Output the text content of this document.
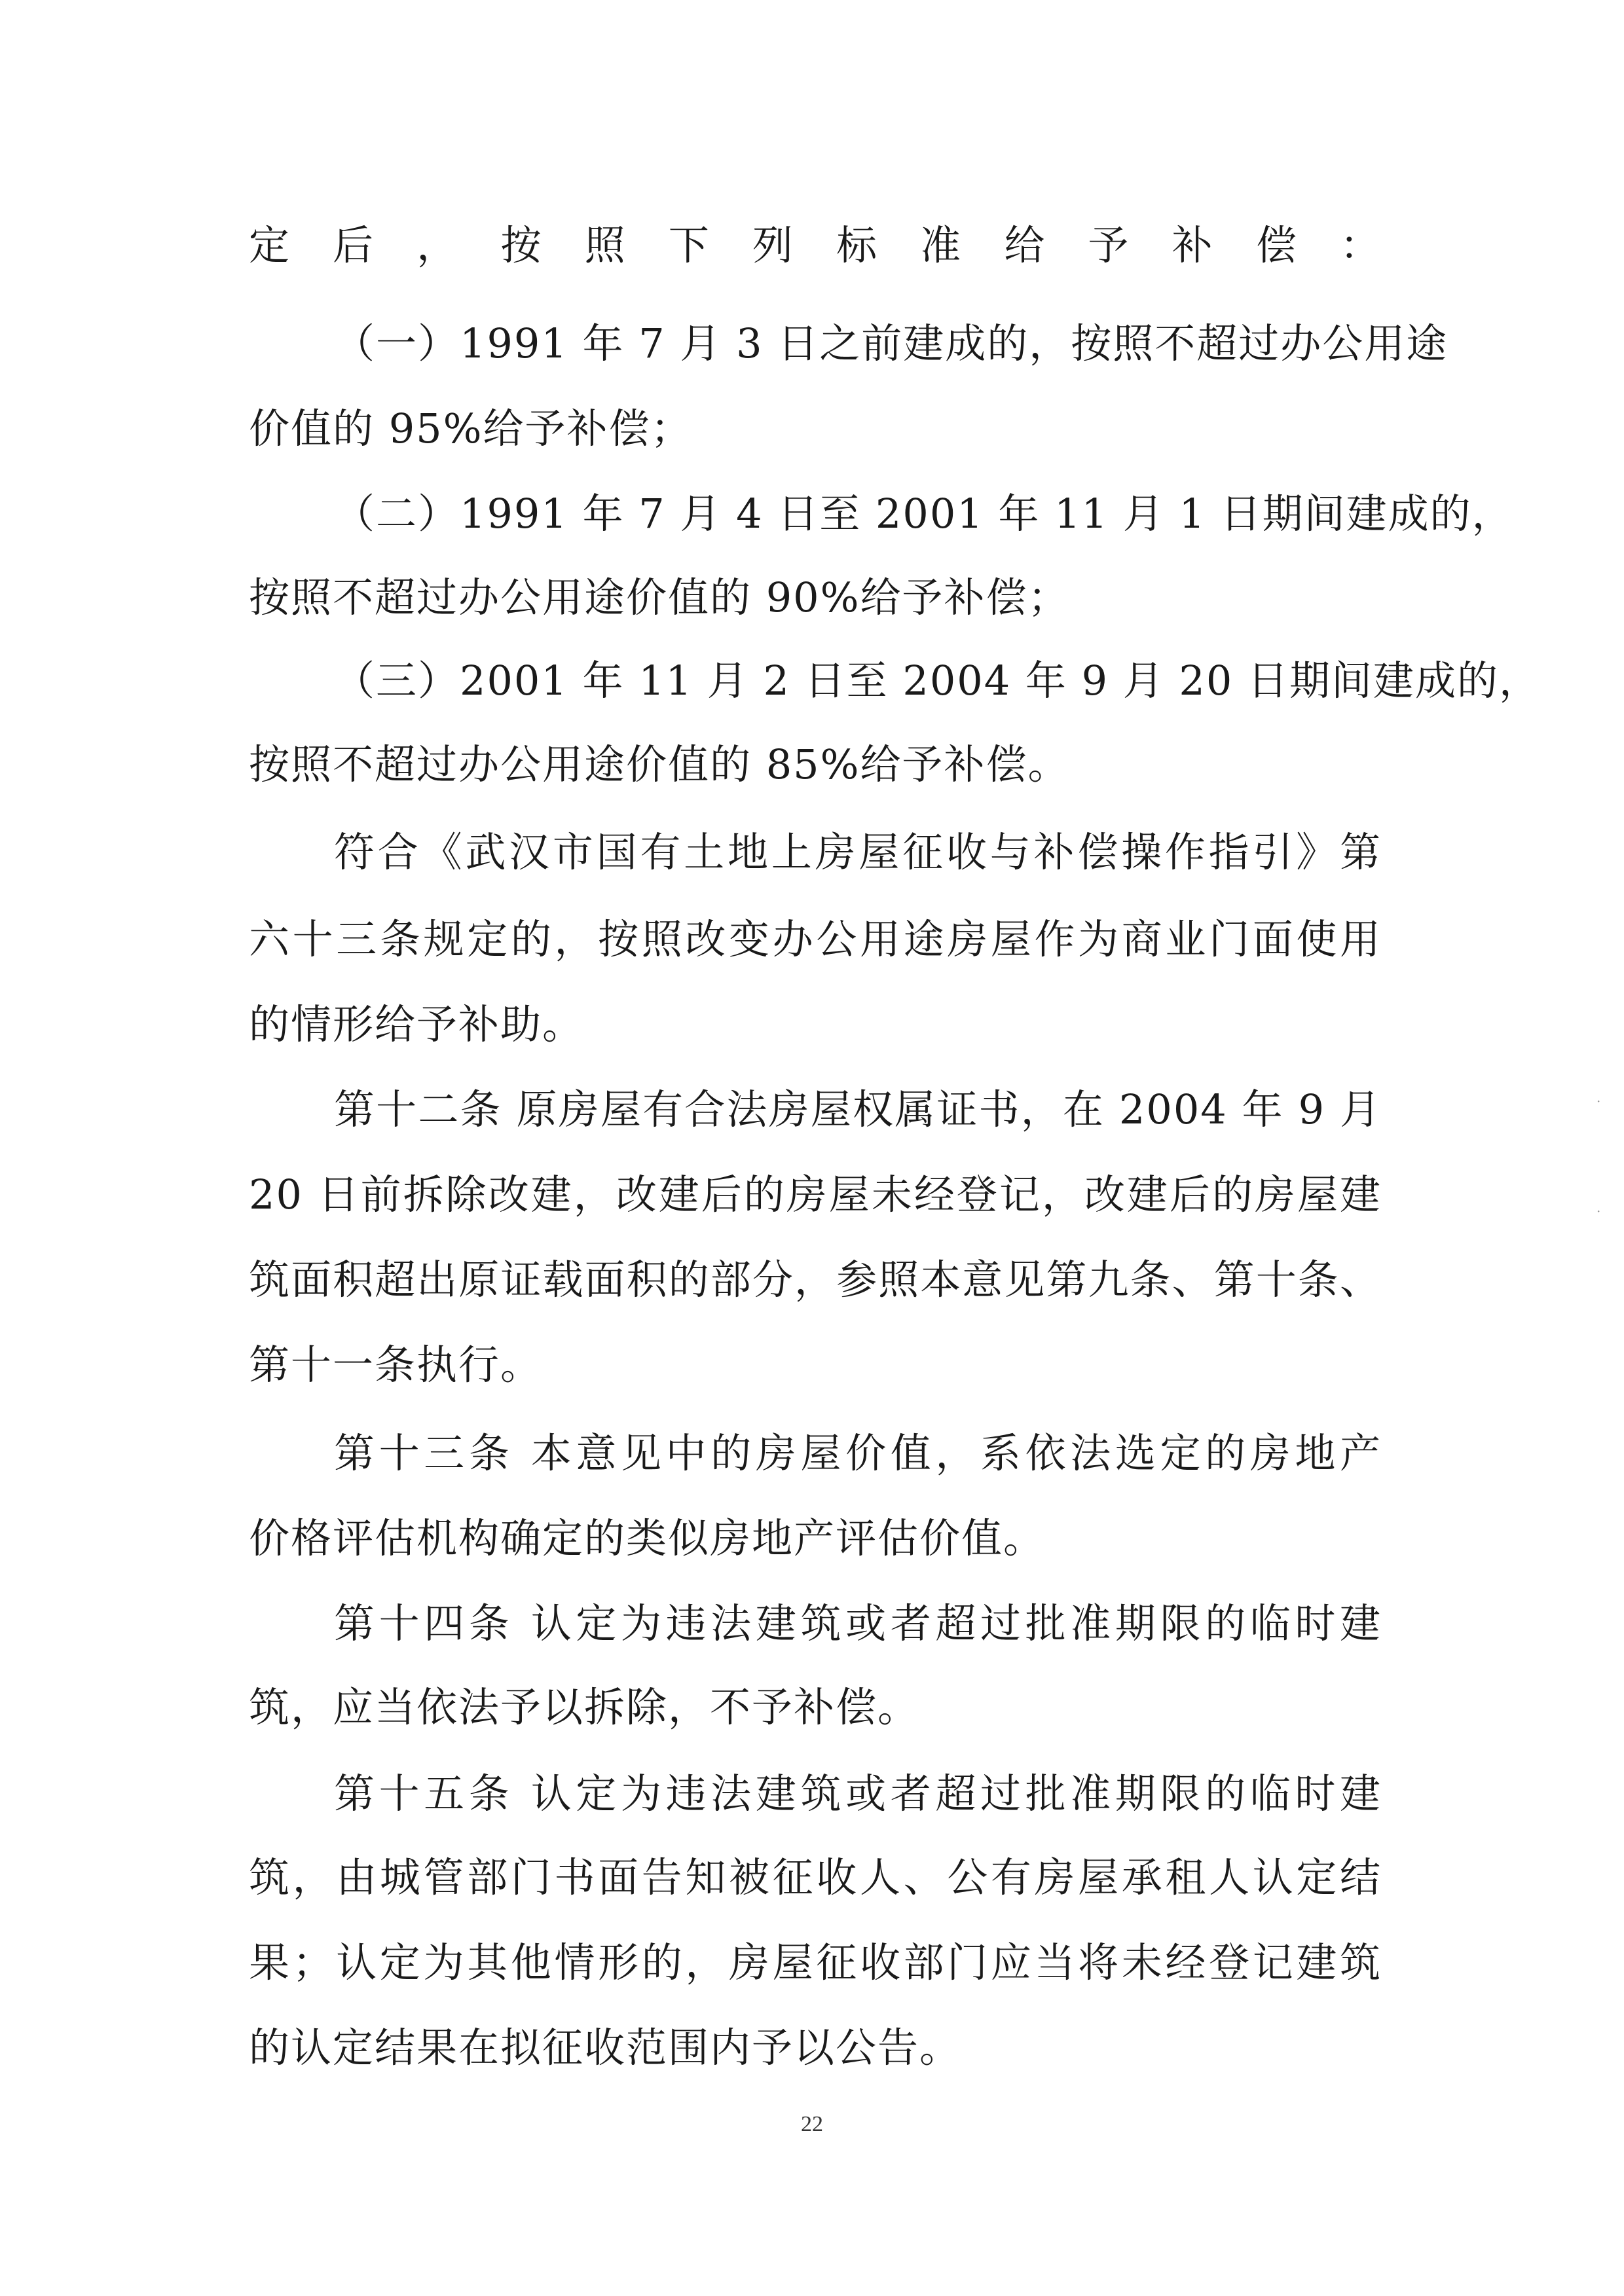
定后，按照下列标准给予补偿：
（一）1991 年 7 月 3 日之前建成的，按照不超过办公用途
价值的 95%给予补偿；
（二）1991 年 7 月 4 日至 2001 年 11 月 1 日期间建成的，
按照不超过办公用途价值的 90%给予补偿；
（三）2001 年 11 月 2 日至 2004 年 9 月 20 日期间建成的，
按照不超过办公用途价值的 85%给予补偿。
符合《武汉市国有土地上房屋征收与补偿操作指引》第
六十三条规定的，按照改变办公用途房屋作为商业门面使用
的情形给予补助。
第十二条 原房屋有合法房屋权属证书，在 2004 年 9 月
20 日前拆除改建，改建后的房屋未经登记，改建后的房屋建
筑面积超出原证载面积的部分，参照本意见第九条、第十条、
第十一条执行。
第十三条 本意见中的房屋价值，系依法选定的房地产
价格评估机构确定的类似房地产评估价值。
第十四条 认定为违法建筑或者超过批准期限的临时建
筑，应当依法予以拆除，不予补偿。
第十五条 认定为违法建筑或者超过批准期限的临时建
筑，由城管部门书面告知被征收人、公有房屋承租人认定结
果；认定为其他情形的，房屋征收部门应当将未经登记建筑
的认定结果在拟征收范围内予以公告。
22
·
·
